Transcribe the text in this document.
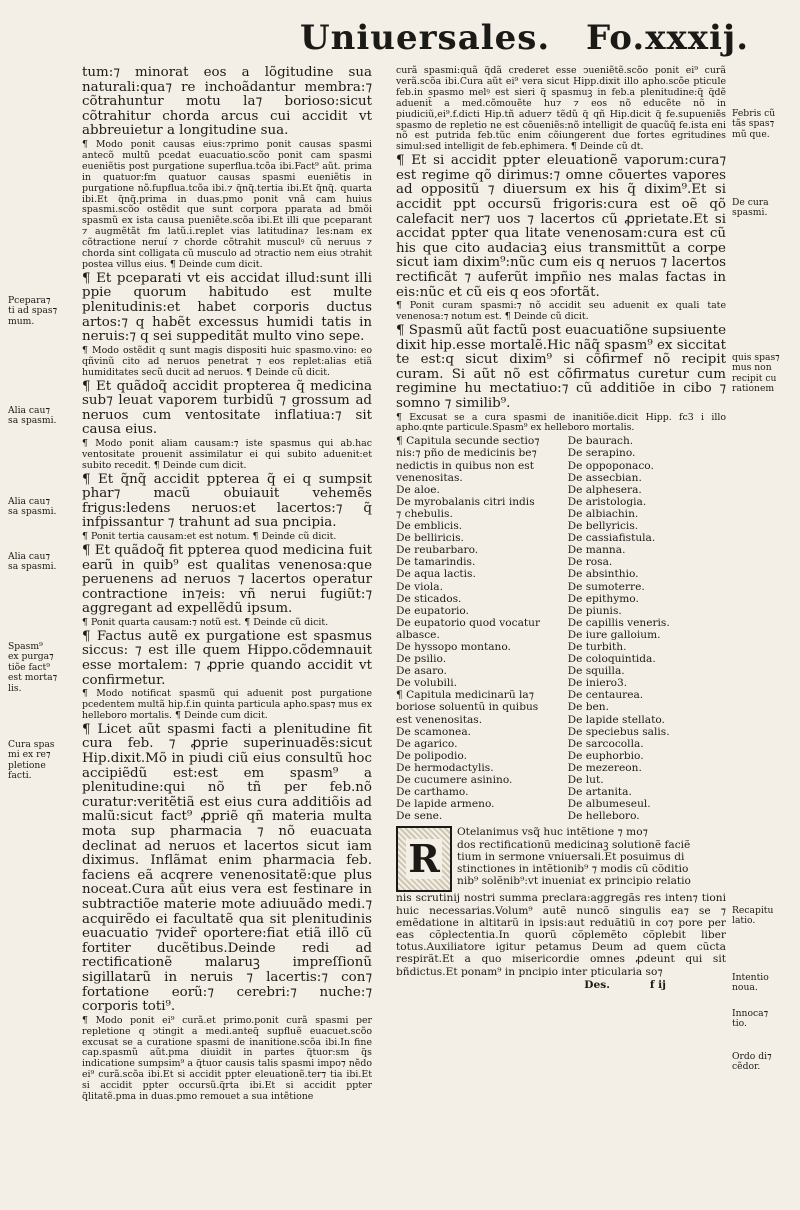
Uniuersales. Fo.xxxij.
tum:⁊ minorat eos a lõgitudine sua naturali:qua⁊ re inchoãdantur membra:⁊ cõtrahuntur motu la⁊ borioso:sicut cõtrahitur chorda arcus cui accidit vt abbreuietur a longitudine sua.
¶ Modo ponit causas eius:⁊primo ponit causas spasmi antecõ multũ pcedat euacuatio.scõo ponit cam spasmi eueniẽtis post purgatione superflua.tcõa ibi.Fact⁹ aũt. prima in quatuor:fm quatuor causas spasmi eueniẽtis in purgatione nõ.fupflua.tcõa ibi.⁊ q̃nq̃.tertia ibi.Et q̃nq̃. quarta ibi.Et q̃nq̃.prima in duas.pmo ponit vnã cam huius spasmi.scõo ostẽdit que sunt corpora pparata ad bmõi spasmũ ex ista causa pueniẽte.scõa ibi.Et illi que pceparant ⁊ augmẽtãt fm latũ.i.replet vias latitudina⁊ les:nam ex cõtractione neruí ⁊ chorde cõtrahit musculꝰ cũ neruus ⁊ chorda sint colligata cũ musculo ad ↄtractio nem eius ↄtrahit postea villus eius. ¶ Deinde cum dicit.
¶ Et pceparati vt eis accidat illud:sunt illi ppie quorum habitudo est multe plenitudinis:et habet corporis ductus artos:⁊ q habẽt excessus humidi tatis in neruis:⁊ q sei suppeditãt multo vino sepe.
¶ Modo ostẽdit q sunt magis dispositi huic spasmo.vino: eo qñvinũ cito ad neruos penetrat ⁊ eos replet:alias etiã humiditates secũ ducit ad neruos. ¶ Deinde cũ dicit.
¶ Et quãdoq̃ accidit propterea q̃ medicina sub⁊ leuat vaporem turbidũ ⁊ grossum ad neruos cum ventositate inflatiua:⁊ sit causa eius.
¶ Modo ponit aliam causam:⁊ iste spasmus qui ab.hac ventositate prouenit assimilatur ei qui subito aduenit:et subito recedit. ¶ Deinde cum dicit.
¶ Et q̃nq̃ accidit ppterea q̃ ei q sumpsit phar⁊ macũ obuiauit vehemẽs frigus:ledens neruos:et lacertos:⁊ q̃ infpissantur ⁊ trahunt ad sua pncipia.
¶ Ponit tertia causam:et est notum. ¶ Deinde cũ dicit.
¶ Et quãdoq̃ fit ppterea quod medicina fuit earũ in quib⁹ est qualitas venenosa:que peruenens ad neruos ⁊ lacertos operatur contractione in⁊eis: vñ nerui fugiũt:⁊ aggregant ad expellẽdũ ipsum.
¶ Ponit quarta causam:⁊ notũ est. ¶ Deinde cũ dicit.
¶ Factus autẽ ex purgatione est spasmus siccus: ⁊ est ille quem Hippo.cõdemnauit esse mortalem: ⁊ ꝓprie quando accidit vt confirmetur.
¶ Modo notificat spasmũ qui aduenit post purgatione pcedentem multã hip.f.in quinta particula apho.spas⁊ mus ex helleboro mortalis. ¶ Deinde cum dicit.
¶ Licet aũt spasmi facti a plenitudine fit cura feb. ⁊ ꝓprie superinuadẽs:sicut Hip.dixit.Mõ in piudi ciũ eius consultũ hoc accipiẽdũ est:est em spasm⁹ a plenitudine:qui nõ tñ per feb.nõ curatur:veritẽtiã est eius cura additiõis ad malũ:sicut fact⁹ ꝓpriẽ qñ materia multa mota sup pharmacia ⁊ nõ euacuata declinat ad neruos et lacertos sicut iam diximus. Inflãmat enim pharmacia feb. faciens eã acqrere venenositatẽ:que plus noceat.Cura aũt eius vera est festinare in subtractiõe materie mote adiuuãdo medi.⁊ acquirẽdo ei facultatẽ qua sit plenitudinis euacuatio ⁊vider̃ oportere:fiat etiã illõ cũ fortiter ducẽtibus.Deinde redi ad rectificationẽ malaruꝫ impreſſionũ sigillatarũ in neruis ⁊ lacertis:⁊ con⁊ fortatione eorũ:⁊ cerebri:⁊ nuche:⁊ corporis toti⁹.
¶ Modo ponit ei⁹ curã.et primo.ponit curã spasmi per repletione q ↄtingit a medi.anteq̃ supfluẽ euacuet.scõo excusat se a curatione spasmi de inanitione.scõa ibi.In fine cap.spasmũ aũt.pma diuidit in partes q̃tuor:sm q̃s indicatione sumpsim⁹ a q̃tuor causis talis spasmi impo⁊ nẽdo ei⁹ curã.scõa ibi.Et si accidit ppter eleuationẽ.ter⁊ tia ibi.Et si accidit ppter occursũ.q̃rta ibi.Et si accidit ppter q̃litatẽ.pma in duas.pmo remouet a sua intẽtione
curã spasmi:quã q̃dã crederet esse ↄueniẽtẽ.scõo ponit ei⁹ curã verã.scõa ibi.Cura aũt ei⁹ vera sicut Hipp.dixit illo apho.scõe pticule feb.in spasmo melꝰ est sieri q̃ spasmuꝫ in feb.a plenitudine:q̃ q̃dẽ aduenit̃ a med.cõmouẽte hu⁊ ⁊ eos nõ educẽte nõ in piudiciũ,ei⁹.f.dicti Hip.tñ aduer⁊ tẽdũ q̃ qñ Hip.dicit q̃ fe.supueniẽs spasmo de repletio ne est cõueniẽs:nõ intelligit de quacũq̃ fe.ista eni nõ est putrida feb.tũc enim cõiungerent due fortes egritudines simul:sed intelligit de feb.ephimera. ¶ Deinde cũ dt.
¶ Et si accidit ppter eleuationẽ vaporum:cura⁊ est regime qõ dirimus:⁊ omne cõuertes vapores ad oppositũ ⁊ diuersum ex his q̃ dixim⁹.Et si accidit ppt occursũ frigoris:cura est oẽ qõ calefacit ner⁊ uos ⁊ lacertos cũ ꝓprietate.Et si accidat ppter qua litate venenosam:cura est cũ his que cito audaciaꝫ eius transmittũt a corpe sicut iam dixim⁹:nũc cum eis q neruos ⁊ lacertos rectificãt ⁊ auferũt impñio nes malas factas in eis:nũc et cũ eis q eos ↄfortãt.
¶ Ponit curam spasmi:⁊ nõ accidit seu aduenit ex quali tate venenosa:⁊ notum est. ¶ Deinde cũ dicit.
¶ Spasmũ aũt factũ post euacuatiõne supsiuente dixit hip.esse mortalẽ.Hic nãq̃ spasm⁹ ex siccitat te est:q sicut dixim⁹ si cõfirmef nõ recipit curam. Si aũt nõ est cõfirmatus curetur cum regimine hu mectatiuo:⁊ cũ additiõe in cibo ⁊ somno ⁊ similib⁹.
¶ Excusat se a cura spasmi de inanitiõe.dicit Hipp. fc3 i illo apho.qnte particule.Spasm⁹ ex helleboro mortalis.
¶ Capitula secunde sectio⁊
nis:⁊ pño de medicinis be⁊
nedictis in quibus non est
venenositas.
De aloe.
De myrobalanis citri indis
⁊ chebulis.
De emblicis.
De belliricis.
De reubarbaro.
De tamarindis.
De aqua lactis.
De viola.
De sticados.
De eupatorio.
De eupatorio quod vocatur
albasce.
De hyssopo montano.
De psilio.
De asaro.
De volubili.
¶ Capitula medicinarũ la⁊
boriose soluentũ in quibus
est venenositas.
De scamonea.
De agarico.
De polipodio.
De hermodactylis.
De cucumere asinino.
De carthamo.
De lapide armeno.
De sene.
De baurach.
De serapino.
De oppoponaco.
De assecbian.
De alphesera.
De aristologia.
De albiachin.
De bellyricis.
De cassiafistula.
De manna.
De rosa.
De absinthio.
De sumoterre.
De epithymo.
De piunis.
De capillis veneris.
De iure galloium.
De turbith.
De coloquintida.
De squilla.
De iniero3.
De centaurea.
De ben.
De lapide stellato.
De speciebus salis.
De sarcocolla.
De euphorbio.
De mezereon.
De lut.
De artanita.
De albumeseul.
De helleboro.
R
Otelanimus vsq̃ huc intẽtione ⁊ mo⁊
dos rectificationũ medicinaꝫ solutionẽ faciẽ
tium in sermone vniuersali.Et posuimus di
stinctiones in intẽtionib⁹ ⁊ modis cũ cõditio
nib⁹ solẽnib⁹:vt inueniat ex principio relatio
nis scrutinij nostri summa preclara:aggregãs res inten⁊ tioni huic necessarias.Volum⁹ autẽ nuncõ singulis ea⁊ se ⁊ emẽdatione in altitarũ in ipsis:aut reduãtiũ in co⁊ pore per eas cõplectentia.In quorũ cõplemẽto cõplebit liber totus.Auxiliatore igitur petamus Deum ad quem cũcta respirãt.Et a quo misericordie omnes ꝓdeunt qui sit bñdictus.Et ponam⁹ in pncipio inter pticularia so⁊
Des.	f ij
Pcepara⁊
ti ad spas⁊
mum.
Alia cau⁊
sa spasmi.
Alia cau⁊
sa spasmi.
Alia cau⁊
sa spasmi.
Spasm⁹
ex purga⁊
tiõe fact⁹
est morta⁊
lis.
Cura spas
mi ex re⁊
pletione
facti.
Febris cũ
tãs spas⁊
mũ que.
De cura
spasmi.
quis spas⁊
mus non
recipit cu
rationem
Recapitu
latio.
Intentio
noua.
Innoca⁊
tio.
Ordo di⁊
cẽdor.
